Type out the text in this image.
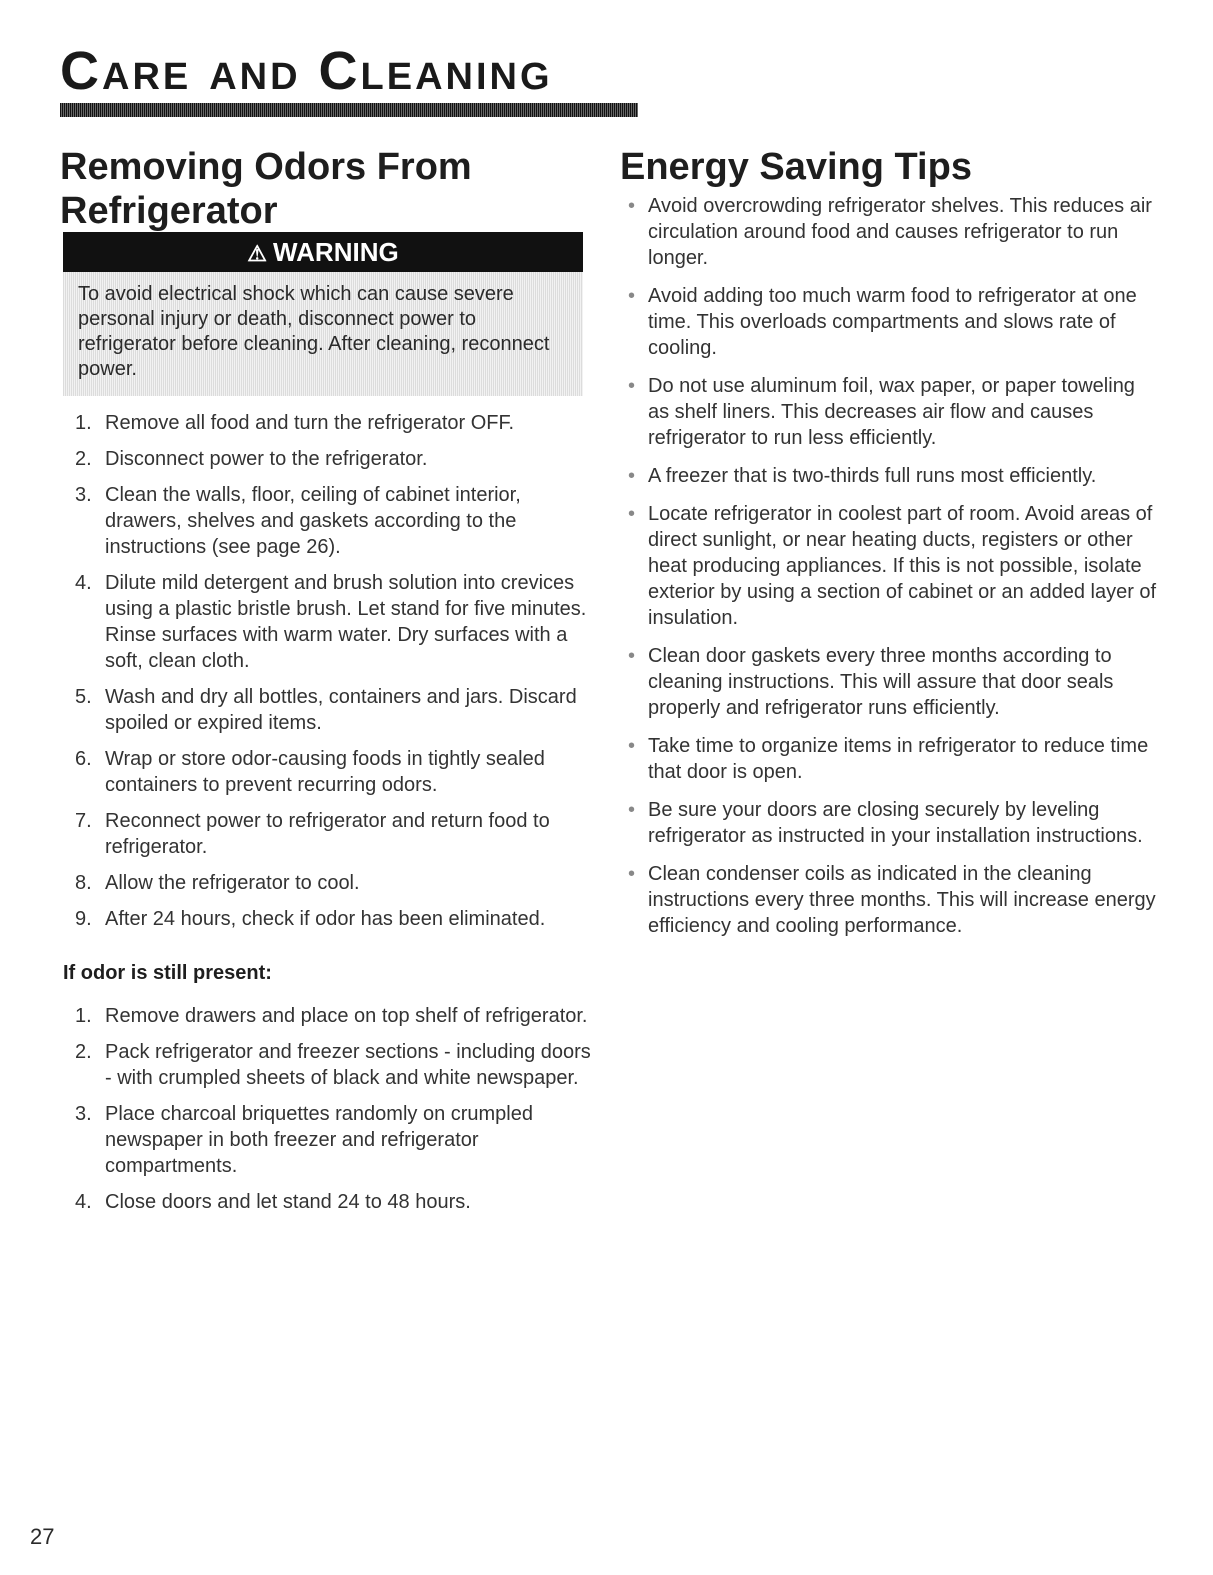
Care and Cleaning
Removing Odors From Refrigerator
⚠ WARNING
To avoid electrical shock which can cause severe personal injury or death, disconnect power to refrigerator before cleaning. After cleaning, reconnect power.
1. Remove all food and turn the refrigerator OFF.
2. Disconnect power to the refrigerator.
3. Clean the walls, floor, ceiling of cabinet interior, drawers, shelves and gaskets according to the instructions (see page 26).
4. Dilute mild detergent and brush solution into crevices using a plastic bristle brush. Let stand for five minutes. Rinse surfaces with warm water. Dry surfaces with a soft, clean cloth.
5. Wash and dry all bottles, containers and jars. Discard spoiled or expired items.
6. Wrap or store odor-causing foods in tightly sealed containers to prevent recurring odors.
7. Reconnect power to refrigerator and return food to refrigerator.
8. Allow the refrigerator to cool.
9. After 24 hours, check if odor has been eliminated.
If odor is still present:
1. Remove drawers and place on top shelf of refrigerator.
2. Pack refrigerator and freezer sections - including doors - with crumpled sheets of black and white newspaper.
3. Place charcoal briquettes randomly on crumpled newspaper in both freezer and refrigerator compartments.
4. Close doors and let stand 24 to 48 hours.
Energy Saving Tips
• Avoid overcrowding refrigerator shelves. This reduces air circulation around food and causes refrigerator to run longer.
• Avoid adding too much warm food to refrigerator at one time. This overloads compartments and slows rate of cooling.
• Do not use aluminum foil, wax paper, or paper toweling as shelf liners. This decreases air flow and causes refrigerator to run less efficiently.
• A freezer that is two-thirds full runs most efficiently.
• Locate refrigerator in coolest part of room. Avoid areas of direct sunlight, or near heating ducts, registers or other heat producing appliances. If this is not possible, isolate exterior by using a section of cabinet or an added layer of insulation.
• Clean door gaskets every three months according to cleaning instructions. This will assure that door seals properly and refrigerator runs efficiently.
• Take time to organize items in refrigerator to reduce time that door is open.
• Be sure your doors are closing securely by leveling refrigerator as instructed in your installation instructions.
• Clean condenser coils as indicated in the cleaning instructions every three months. This will increase energy efficiency and cooling performance.
27
